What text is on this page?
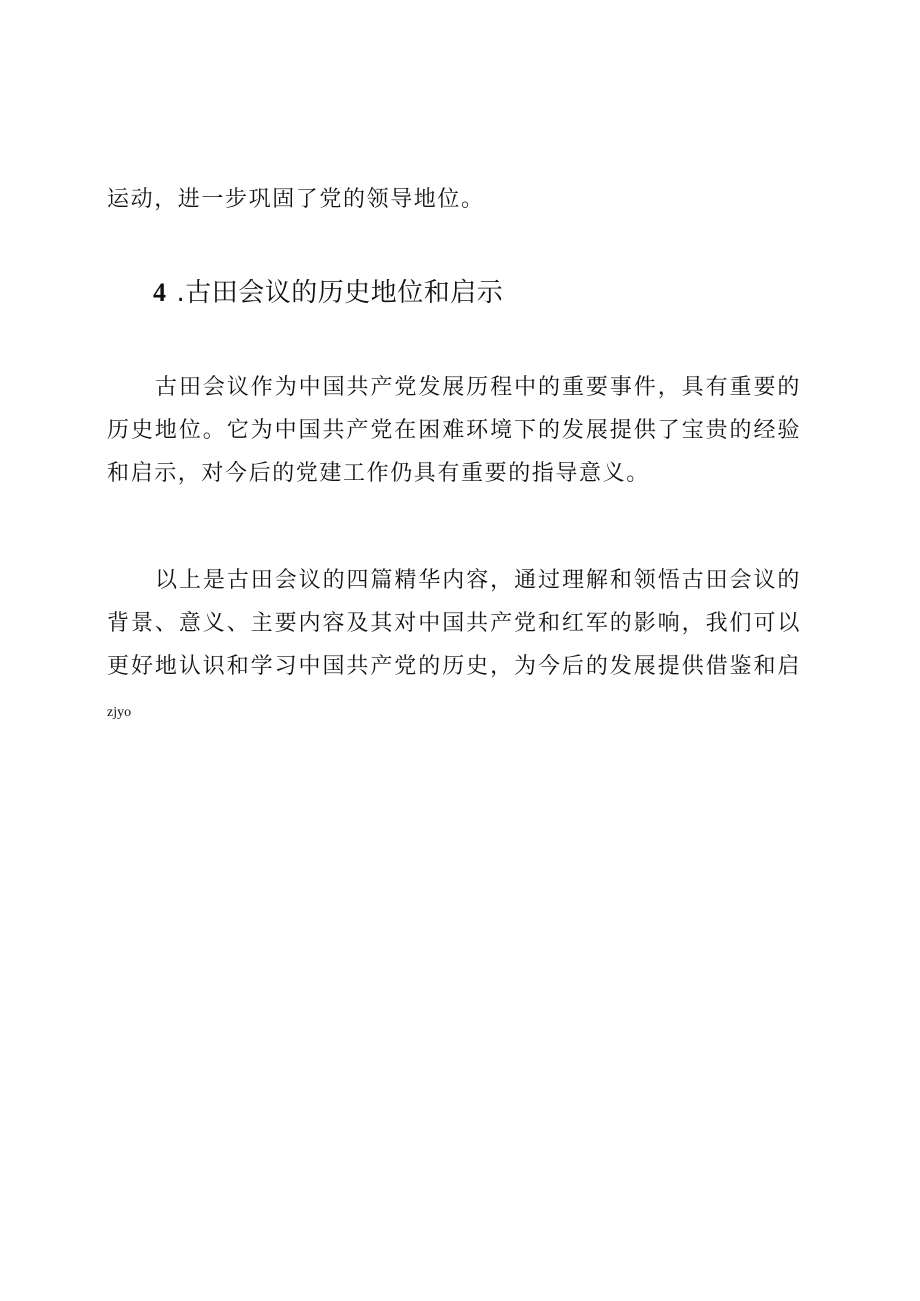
运动，进一步巩固了党的领导地位。

4 .古田会议的历史地位和启示

古田会议作为中国共产党发展历程中的重要事件，具有重要的历史地位。它为中国共产党在困难环境下的发展提供了宝贵的经验和启示，对今后的党建工作仍具有重要的指导意义。

以上是古田会议的四篇精华内容，通过理解和领悟古田会议的背景、意义、主要内容及其对中国共产党和红军的影响，我们可以更好地认识和学习中国共产党的历史，为今后的发展提供借鉴和启zjyo
